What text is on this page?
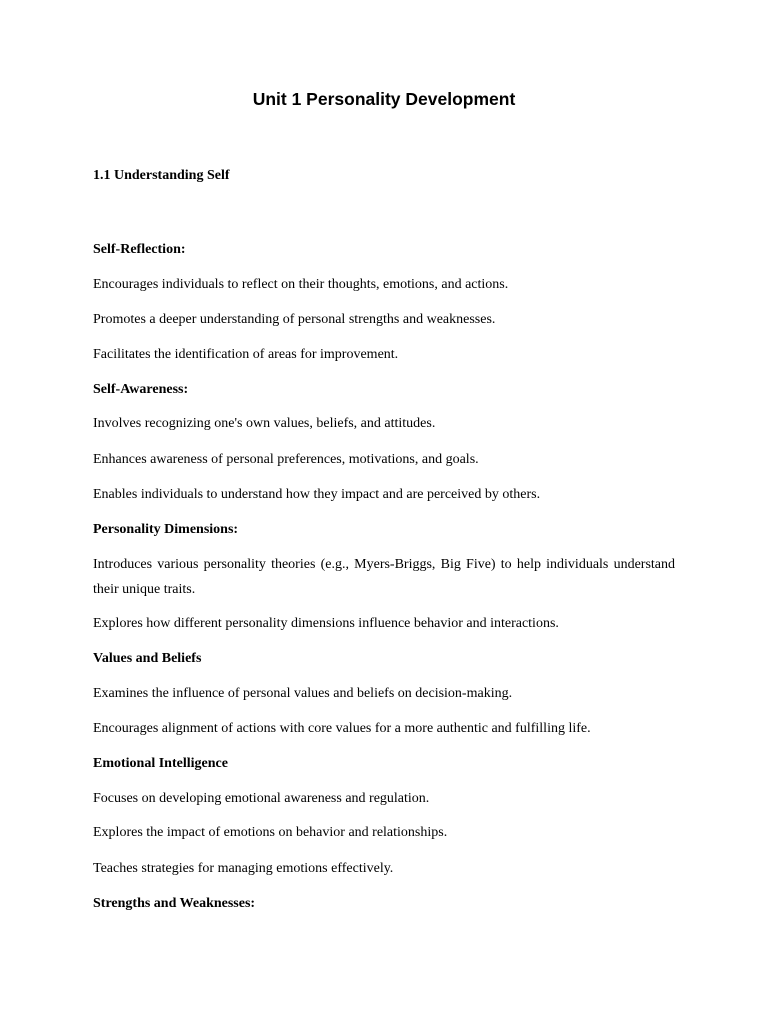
Unit 1 Personality Development

1.1 Understanding Self

Self-Reflection:

Encourages individuals to reflect on their thoughts, emotions, and actions.

Promotes a deeper understanding of personal strengths and weaknesses.

Facilitates the identification of areas for improvement.

Self-Awareness:

Involves recognizing one's own values, beliefs, and attitudes.

Enhances awareness of personal preferences, motivations, and goals.

Enables individuals to understand how they impact and are perceived by others.

Personality Dimensions:

Introduces various personality theories (e.g., Myers-Briggs, Big Five) to help individuals understand their unique traits.

Explores how different personality dimensions influence behavior and interactions.

Values and Beliefs

Examines the influence of personal values and beliefs on decision-making.

Encourages alignment of actions with core values for a more authentic and fulfilling life.

Emotional Intelligence

Focuses on developing emotional awareness and regulation.

Explores the impact of emotions on behavior and relationships.

Teaches strategies for managing emotions effectively.

Strengths and Weaknesses:
